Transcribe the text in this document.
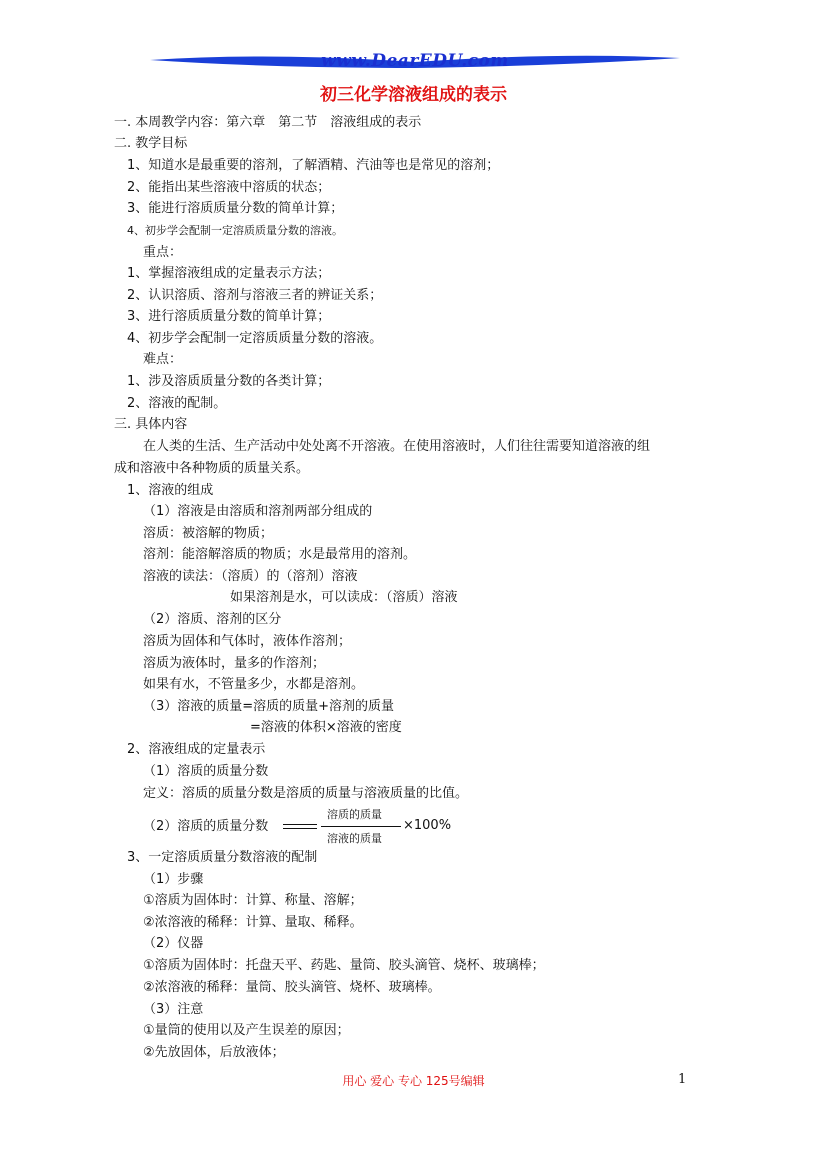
www.DearEDU.com
初三化学溶液组成的表示
一. 本周教学内容：第六章　第二节　溶液组成的表示
二. 教学目标
1、知道水是最重要的溶剂，了解酒精、汽油等也是常见的溶剂；
2、能指出某些溶液中溶质的状态；
3、能进行溶质质量分数的简单计算；
4、初步学会配制一定溶质质量分数的溶液。
重点：
1、掌握溶液组成的定量表示方法；
2、认识溶质、溶剂与溶液三者的辨证关系；
3、进行溶质质量分数的简单计算；
4、初步学会配制一定溶质质量分数的溶液。
难点：
1、涉及溶质质量分数的各类计算；
2、溶液的配制。
三. 具体内容
在人类的生活、生产活动中处处离不开溶液。在使用溶液时，人们往往需要知道溶液的组
成和溶液中各种物质的质量关系。
1、溶液的组成
（1）溶液是由溶质和溶剂两部分组成的
溶质：被溶解的物质；
溶剂：能溶解溶质的物质；水是最常用的溶剂。
溶液的读法：（溶质）的（溶剂）溶液
如果溶剂是水，可以读成：（溶质）溶液
（2）溶质、溶剂的区分
溶质为固体和气体时，液体作溶剂；
溶质为液体时，量多的作溶剂；
如果有水，不管量多少，水都是溶剂。
（3）溶液的质量=溶质的质量+溶剂的质量
=溶液的体积×溶液的密度
2、溶液组成的定量表示
（1）溶质的质量分数
定义：溶质的质量分数是溶质的质量与溶液质量的比值。
（2）溶质的质量分数
溶质的质量
溶液的质量
×100%
3、一定溶质质量分数溶液的配制
（1）步骤
①溶质为固体时：计算、称量、溶解；
②浓溶液的稀释：计算、量取、稀释。
（2）仪器
①溶质为固体时：托盘天平、药匙、量筒、胶头滴管、烧杯、玻璃棒；
②浓溶液的稀释：量筒、胶头滴管、烧杯、玻璃棒。
（3）注意
①量筒的使用以及产生误差的原因；
②先放固体，后放液体；
用心 爱心 专心 125号编辑	1
